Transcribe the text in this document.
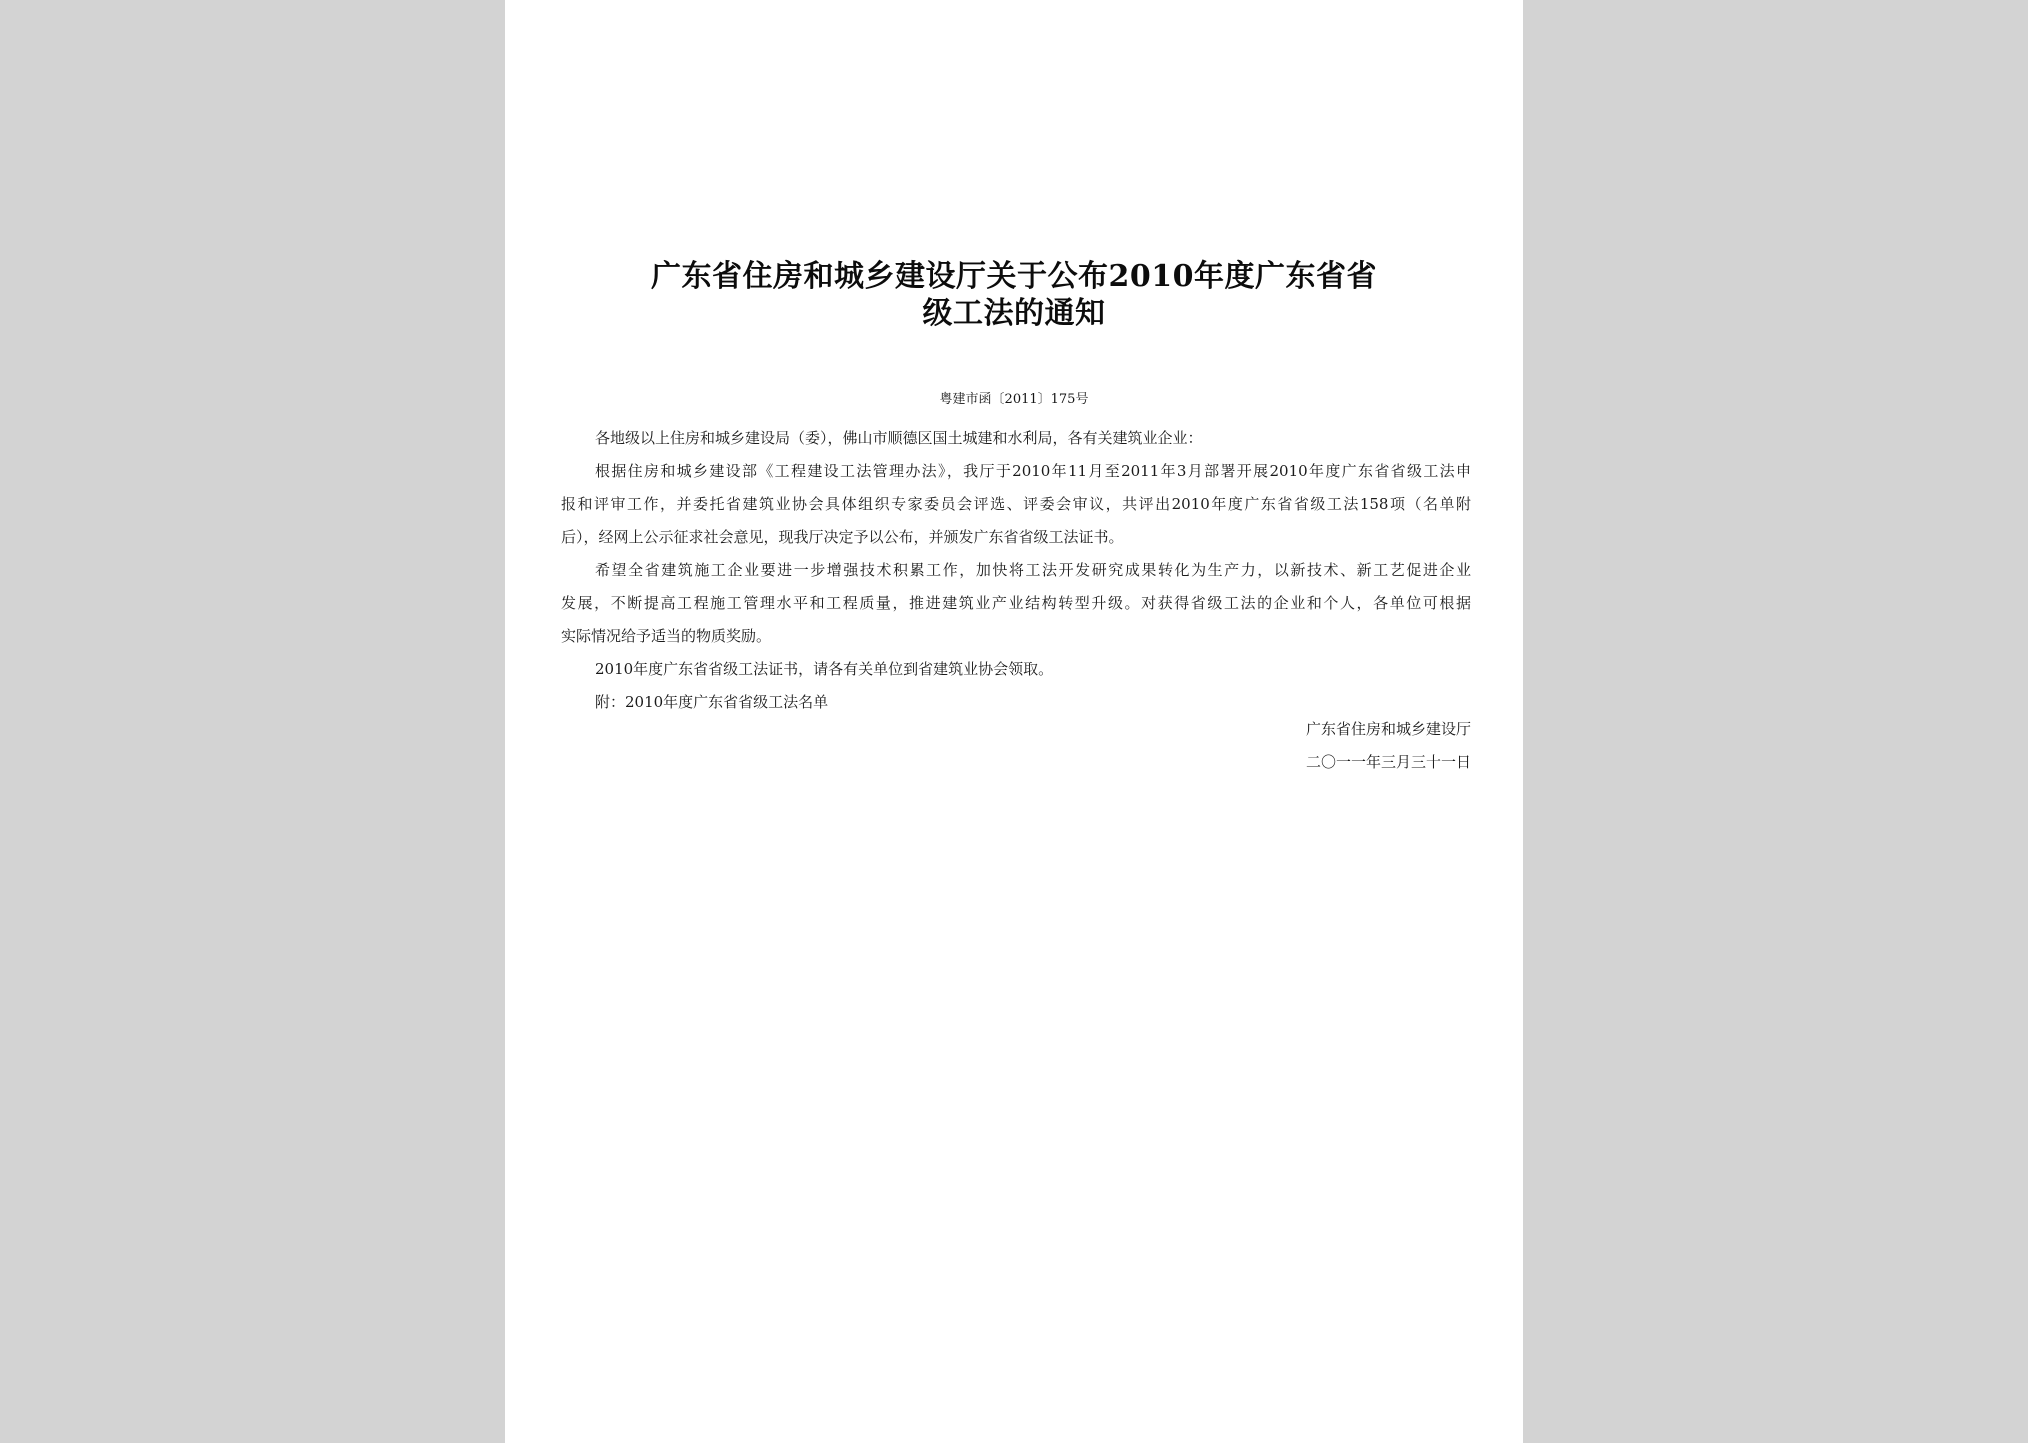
广东省住房和城乡建设厅关于公布2010年度广东省省
级工法的通知
粤建市函〔2011〕175号
各地级以上住房和城乡建设局（委），佛山市顺德区国土城建和水利局，各有关建筑业企业：
根据住房和城乡建设部《工程建设工法管理办法》，我厅于2010年11月至2011年3月部署开展2010年度广东省省级工法申
报和评审工作，并委托省建筑业协会具体组织专家委员会评选、评委会审议，共评出2010年度广东省省级工法158项（名单附
后），经网上公示征求社会意见，现我厅决定予以公布，并颁发广东省省级工法证书。
希望全省建筑施工企业要进一步增强技术积累工作，加快将工法开发研究成果转化为生产力，以新技术、新工艺促进企业
发展，不断提高工程施工管理水平和工程质量，推进建筑业产业结构转型升级。对获得省级工法的企业和个人，各单位可根据
实际情况给予适当的物质奖励。
2010年度广东省省级工法证书，请各有关单位到省建筑业协会领取。
附：2010年度广东省省级工法名单
广东省住房和城乡建设厅
二〇一一年三月三十一日
